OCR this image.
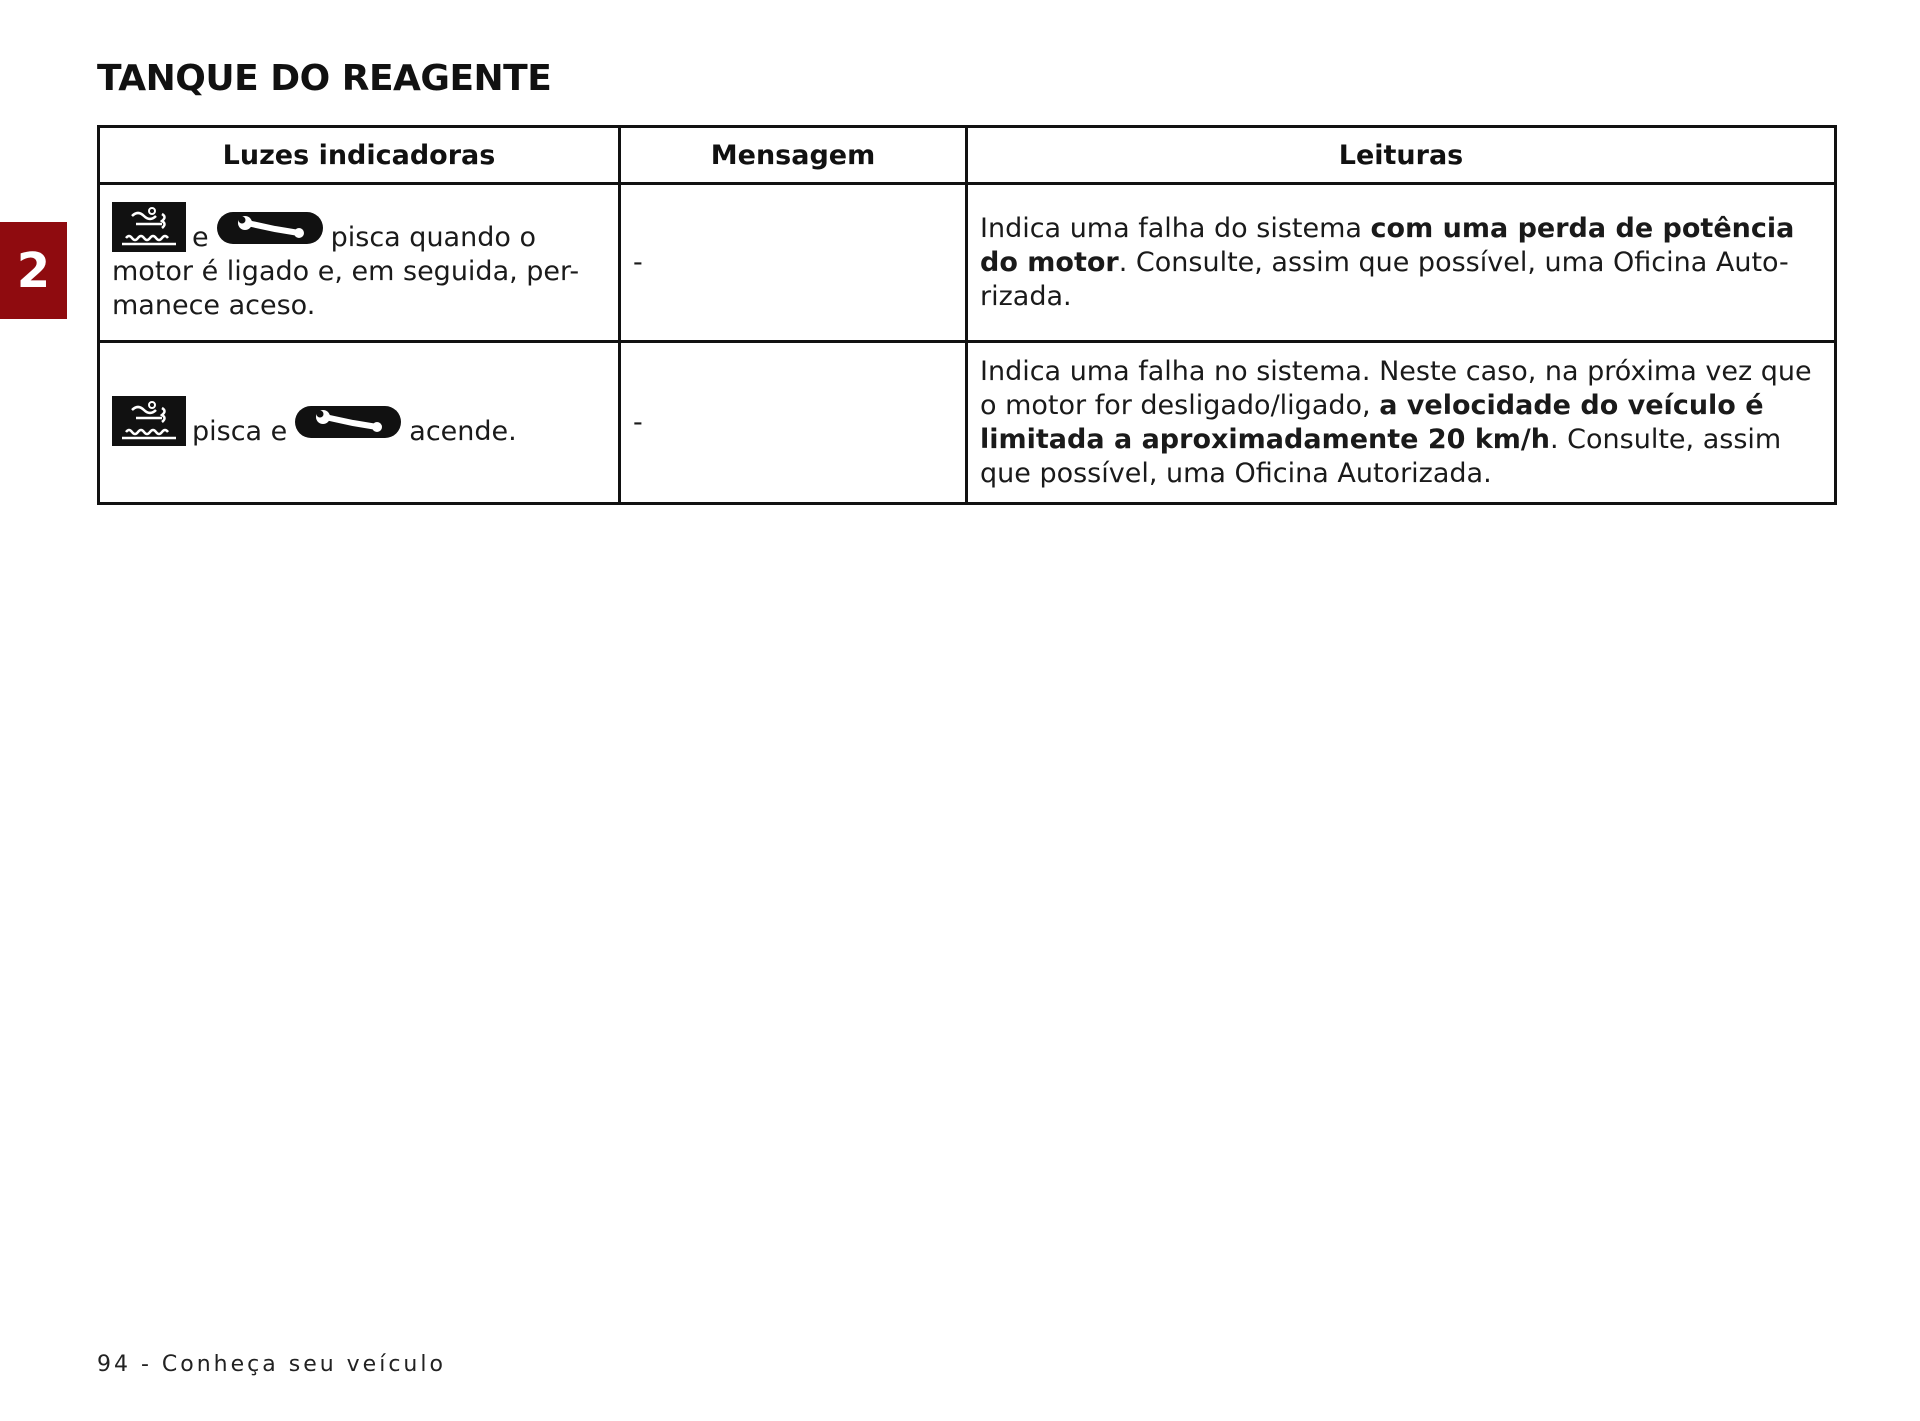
TANQUE DO REAGENTE
2
Luzes indicadoras	Mensagem	Leituras

e pisca quando o motor é ligado e, em seguida, per-manece aceso.	-	Indica uma falha do sistema com uma perda de potência do motor. Consulte, assim que possível, uma Oficina Auto-rizada.

pisca e acende.	-	Indica uma falha no sistema. Neste caso, na próxima vez que o motor for desligado/ligado, a velocidade do veículo é limitada a aproximadamente 20 km/h. Consulte, assim que possível, uma Oficina Autorizada.
94 - Conheça seu veículo
